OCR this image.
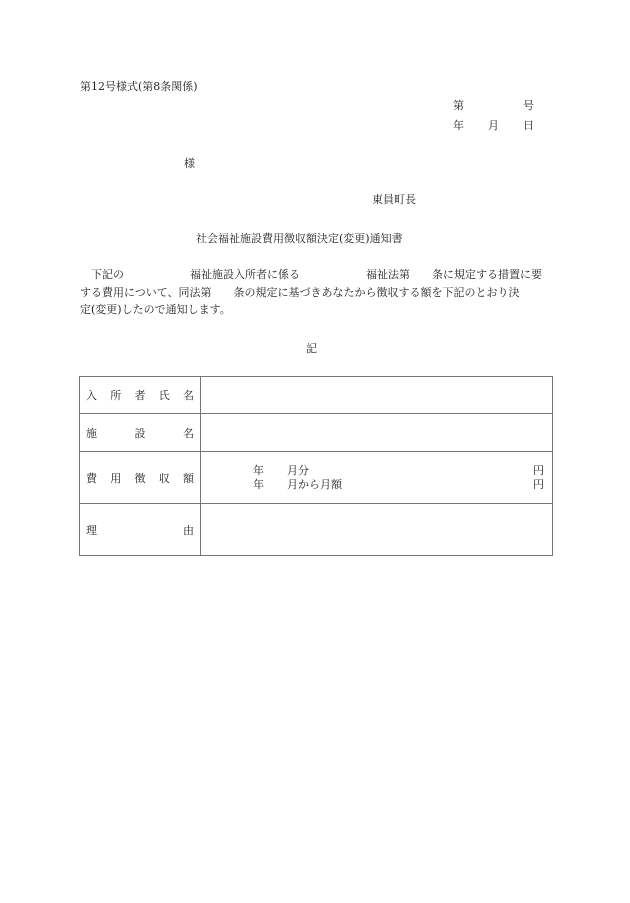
第12号様式(第8条関係)
第	号
年 月 日
様
東員町長
社会福祉施設費用徴収額決定(変更)通知書
　下記の　　　　　　福祉施設入所者に係る　　　　　　福祉法第　　条に規定する措置に要
する費用について、同法第　　条の規定に基づきあなたから徴収する額を下記のとおり決
定(変更)したので通知します。
記
入 所 者 氏 名	

施 設 名	

費 用 徴 収 額

年 月分	円
年 月から月額	円

理 由	
